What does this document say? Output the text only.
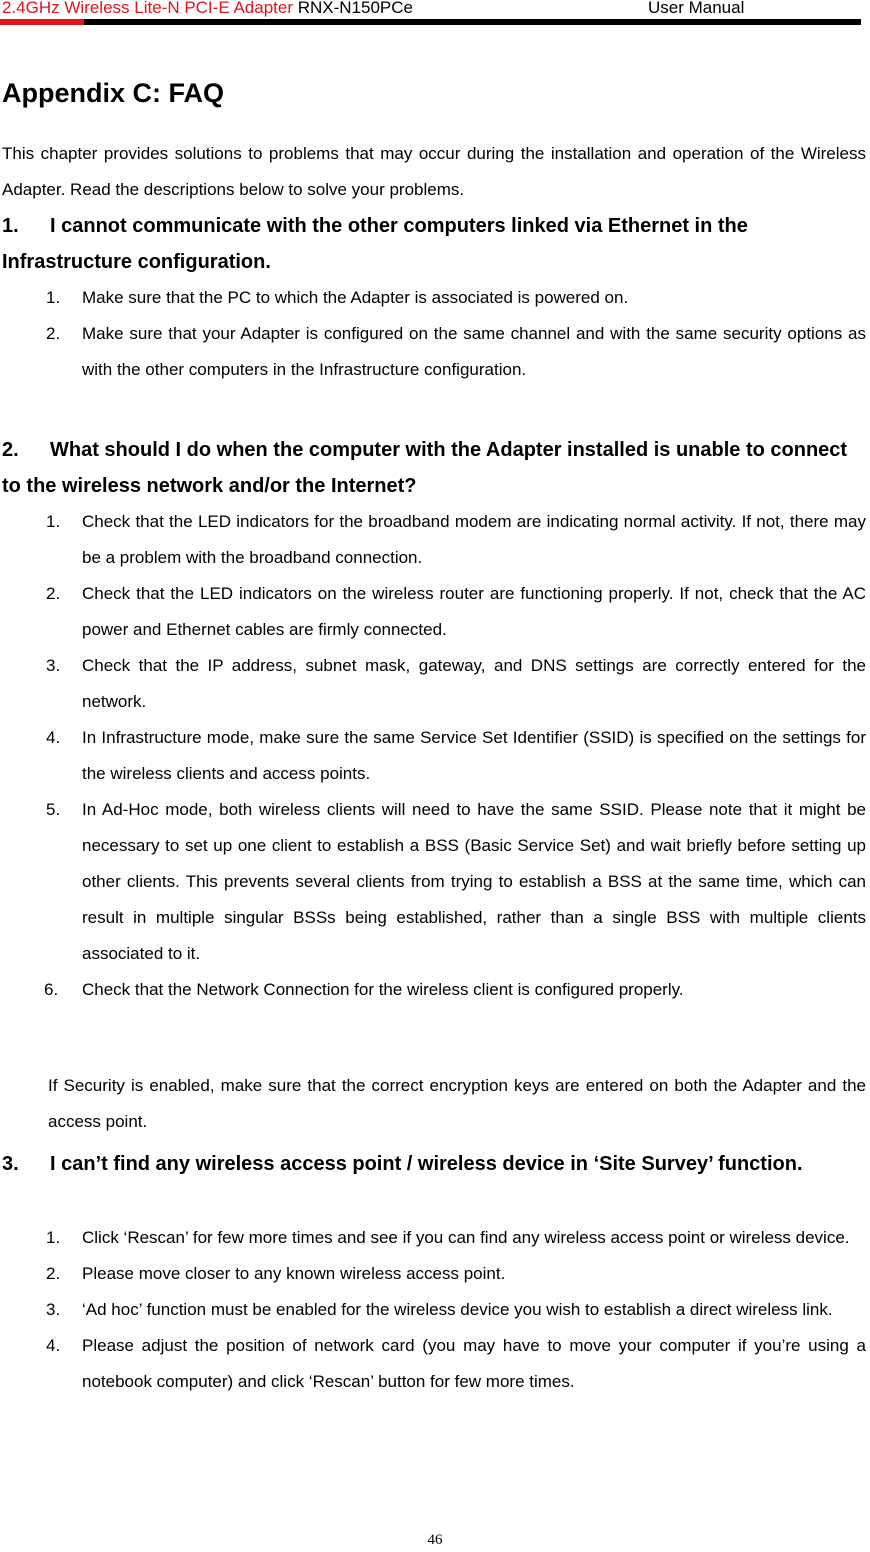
2.4GHz Wireless Lite-N PCI-E Adapter RNX-N150PCe	User Manual
Appendix C: FAQ

This chapter provides solutions to problems that may occur during the installation and operation of the Wireless Adapter. Read the descriptions below to solve your problems.

1. I cannot communicate with the other computers linked via Ethernet in the Infrastructure configuration.

1. Make sure that the PC to which the Adapter is associated is powered on.
2. Make sure that your Adapter is configured on the same channel and with the same security options as with the other computers in the Infrastructure configuration.

2. What should I do when the computer with the Adapter installed is unable to connect to the wireless network and/or the Internet?

1. Check that the LED indicators for the broadband modem are indicating normal activity. If not, there may be a problem with the broadband connection.
2. Check that the LED indicators on the wireless router are functioning properly. If not, check that the AC power and Ethernet cables are firmly connected.
3. Check that the IP address, subnet mask, gateway, and DNS settings are correctly entered for the network.
4. In Infrastructure mode, make sure the same Service Set Identifier (SSID) is specified on the settings for the wireless clients and access points.
5. In Ad-Hoc mode, both wireless clients will need to have the same SSID. Please note that it might be necessary to set up one client to establish a BSS (Basic Service Set) and wait briefly before setting up other clients. This prevents several clients from trying to establish a BSS at the same time, which can result in multiple singular BSSs being established, rather than a single BSS with multiple clients associated to it.
6. Check that the Network Connection for the wireless client is configured properly.

If Security is enabled, make sure that the correct encryption keys are entered on both the Adapter and the access point.

3. I can’t find any wireless access point / wireless device in ‘Site Survey’ function.

1. Click ‘Rescan’ for few more times and see if you can find any wireless access point or wireless device.
2. Please move closer to any known wireless access point.
3. ‘Ad hoc’ function must be enabled for the wireless device you wish to establish a direct wireless link.
4. Please adjust the position of network card (you may have to move your computer if you’re using a notebook computer) and click ‘Rescan’ button for few more times.
46
